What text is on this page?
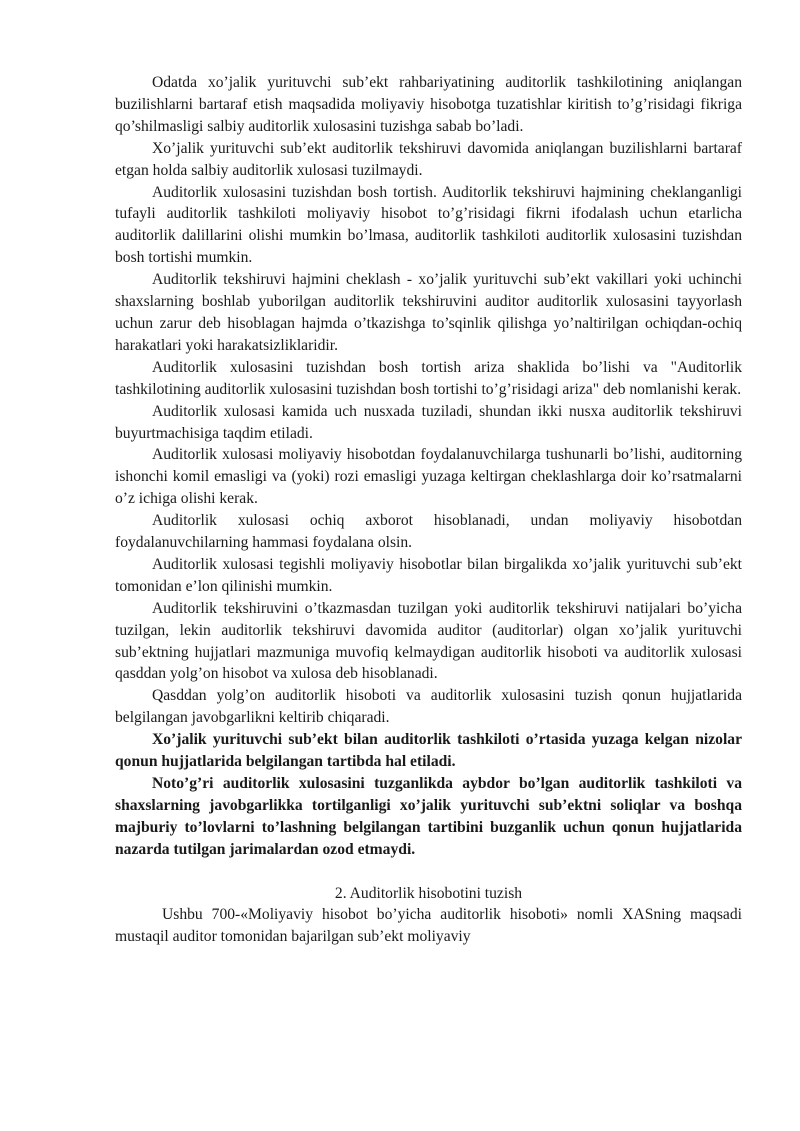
Odatda xo’jalik yurituvchi sub’ekt rahbariyatining auditorlik tashkilotining aniqlangan buzilishlarni bartaraf etish maqsadida moliyaviy hisobotga tuzatishlar kiritish to’g’risidagi fikriga qo’shilmasligi salbiy auditorlik xulosasini tuzishga sabab bo’ladi.

Xo’jalik yurituvchi sub’ekt auditorlik tekshiruvi davomida aniqlangan buzilishlarni bartaraf etgan holda salbiy auditorlik xulosasi tuzilmaydi.

Auditorlik xulosasini tuzishdan bosh tortish. Auditorlik tekshiruvi hajmining cheklanganligi tufayli auditorlik tashkiloti moliyaviy hisobot to’g’risidagi fikrni ifodalash uchun etarlicha auditorlik dalillarini olishi mumkin bo’lmasa, auditorlik tashkiloti auditorlik xulosasini tuzishdan bosh tortishi mumkin.

Auditorlik tekshiruvi hajmini cheklash - xo’jalik yurituvchi sub’ekt vakillari yoki uchinchi shaxslarning boshlab yuborilgan auditorlik tekshiruvini auditor auditorlik xulosasini tayyorlash uchun zarur deb hisoblagan hajmda o’tkazishga to’sqinlik qilishga yo’naltirilgan ochiqdan-ochiq harakatlari yoki harakatsizliklaridir.

Auditorlik xulosasini tuzishdan bosh tortish ariza shaklida bo’lishi va "Auditorlik tashkilotining auditorlik xulosasini tuzishdan bosh tortishi to’g’risidagi ariza" deb nomlanishi kerak.

Auditorlik xulosasi kamida uch nusxada tuziladi, shundan ikki nusxa auditorlik tekshiruvi buyurtmachisiga taqdim etiladi.

Auditorlik xulosasi moliyaviy hisobotdan foydalanuvchilarga tushunarli bo’lishi, auditorning ishonchi komil emasligi va (yoki) rozi emasligi yuzaga keltirgan cheklashlarga doir ko’rsatmalarni o’z ichiga olishi kerak.

Auditorlik xulosasi ochiq axborot hisoblanadi, undan moliyaviy hisobotdan foydalanuvchilarning hammasi foydalana olsin.

Auditorlik xulosasi tegishli moliyaviy hisobotlar bilan birgalikda xo’jalik yurituvchi sub’ekt tomonidan e’lon qilinishi mumkin.

Auditorlik tekshiruvini o’tkazmasdan tuzilgan yoki auditorlik tekshiruvi natijalari bo’yicha tuzilgan, lekin auditorlik tekshiruvi davomida auditor (auditorlar) olgan xo’jalik yurituvchi sub’ektning hujjatlari mazmuniga muvofiq kelmaydigan auditorlik hisoboti va auditorlik xulosasi qasddan yolg’on hisobot va xulosa deb hisoblanadi.

Qasddan yolg’on auditorlik hisoboti va auditorlik xulosasini tuzish qonun hujjatlarida belgilangan javobgarlikni keltirib chiqaradi.

Xo’jalik yurituvchi sub’ekt bilan auditorlik tashkiloti o’rtasida yuzaga kelgan nizolar qonun hujjatlarida belgilangan tartibda hal etiladi.

Noto’g’ri auditorlik xulosasini tuzganlikda aybdor bo’lgan auditorlik tashkiloti va shaxslarning javobgarlikka tortilganligi xo’jalik yurituvchi sub’ektni soliqlar va boshqa majburiy to’lovlarni to’lashning belgilangan tartibini buzganlik uchun qonun hujjatlarida nazarda tutilgan jarimalardan ozod etmaydi.

2. Auditorlik hisobotini tuzish

Ushbu 700-«Moliyaviy hisobot bo’yicha auditorlik hisoboti» nomli XASning maqsadi mustaqil auditor tomonidan bajarilgan sub’ekt moliyaviy
